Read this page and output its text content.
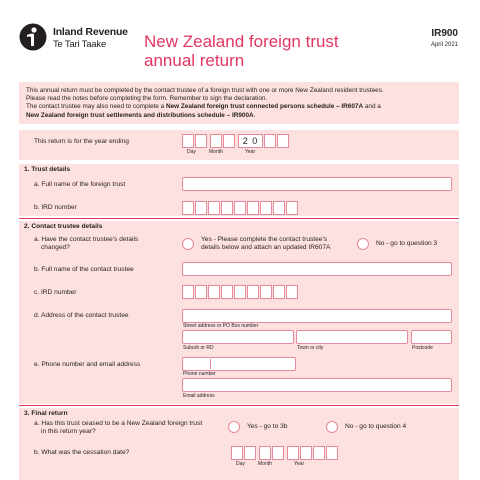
Inland Revenue
Te Tari Taake New Zealand foreign trust
annual return
IR900
April 2021
This annual return must be completed by the contact trustee of a foreign trust with one or more New Zealand resident trustees.
Please read the notes before completing the form. Remember to sign the declaration.
The contact trustee may also need to complete a New Zealand foreign trust connected persons schedule – IR607A and a
New Zealand foreign trust settlements and distributions schedule – IR900A.
This return is for the year ending	2 0
Day	Month	Year
1. Trust details
a. Full name of the foreign trust
b. IRD number
2. Contact trustee details
a. Have the contact trustee's details
changed?
Yes - Please complete the contact trustee's
details below and attach an updated IR607A
No - go to question 3
b. Full name of the contact trustee
c. IRD number
d. Address of the contact trustee
Street address or PO Box number
Suburb or RD	Town or city	Postcode
e. Phone number and email address
Phone number
Email address
3. Final return
a. Has this trust ceased to be a New Zealand foreign trust
in this return year?
Yes - go to 3b	No - go to question 4
b. What was the cessation date?
Day	Month	Year
